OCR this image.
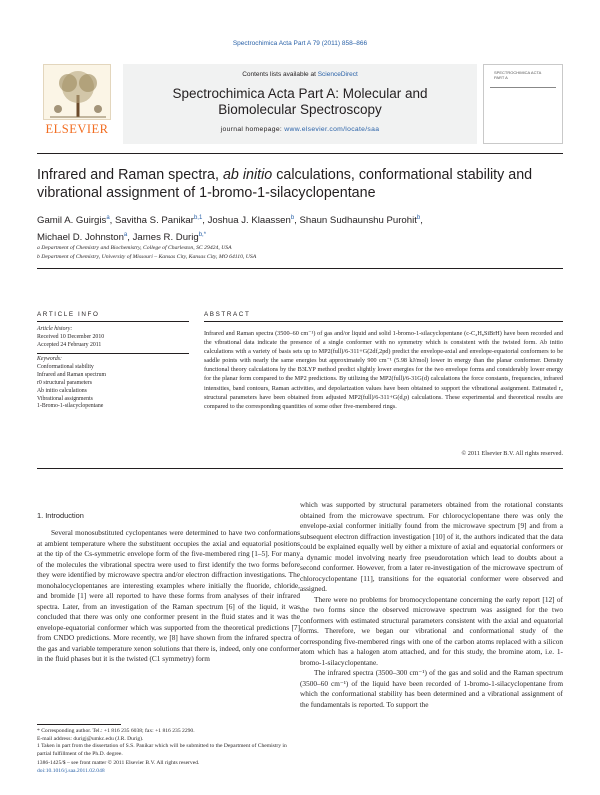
Spectrochimica Acta Part A 79 (2011) 858–866
ELSEVIER
Contents lists available at ScienceDirect
Spectrochimica Acta Part A: Molecular and
Biomolecular Spectroscopy
journal homepage: www.elsevier.com/locate/saa
SPECTROCHIMICA ACTA PART A
Infrared and Raman spectra, ab initio calculations, conformational stability and vibrational assignment of 1-bromo-1-silacyclopentane
Gamil A. Guirgis$^a$, Savitha S. Panikar$^{b,1}$, Joshua J. Klaassen$^b$, Shaun Sudhaunshu Purohit$^b$,
Michael D. Johnston$^a$, James R. Durig$^{b,*}$
a Department of Chemistry and Biochemistry, College of Charleston, SC 29424, USA
b Department of Chemistry, University of Missouri – Kansas City, Kansas City, MO 64110, USA
ARTICLE INFO	ABSTRACT
Article history:
Received 10 December 2010
Accepted 24 February 2011
Keywords:
Conformational stability
Infrared and Raman spectrum
r0 structural parameters
Ab initio calculations
Vibrational assignments
1-Bromo-1-silacyclopentane
Infrared and Raman spectra (3500–60 cm⁻¹) of gas and/or liquid and solid 1-bromo-1-silacyclopentane (c-C₄H₈SiBrH) have been recorded and the vibrational data indicate the presence of a single conformer with no symmetry which is consistent with the twisted form. Ab initio calculations with a variety of basis sets up to MP2(full)/6-311+G(2df,2pd) predict the envelope-axial and envelope-equatorial conformers to be saddle points with nearly the same energies but approximately 900 cm⁻¹ (5.98 kJ/mol) lower in energy than the planar conformer. Density functional theory calculations by the B3LYP method predict slightly lower energies for the two envelope forms and considerably lower energy for the planar form compared to the MP2 predictions. By utilizing the MP2(full)/6-31G(d) calculations the force constants, frequencies, infrared intensities, band contours, Raman activities, and depolarization values have been obtained to support the vibrational assignment. Estimated r₀ structural parameters have been obtained from adjusted MP2(full)/6-311+G(d,p) calculations. These experimental and theoretical results are compared to the corresponding quantities of some other five-membered rings.
© 2011 Elsevier B.V. All rights reserved.
1. Introduction

Several monosubstituted cyclopentanes were determined to have two conformations at ambient temperature where the substituent occupies the axial and equatorial positions at the tip of the Cs-symmetric envelope form of the five-membered ring [1–5]. For many of the molecules the vibrational spectra were used to first identify the two forms before they were identified by microwave spectra and/or electron diffraction investigations. The monohalocyclopentanes are interesting examples where initially the fluoride, chloride, and bromide [1] were all reported to have these forms from analyses of their infrared spectra. Later, from an investigation of the Raman spectrum [6] of the liquid, it was concluded that there was only one conformer present in the fluid states and it was the envelope-equatorial conformer which was supported from the theoretical predictions [7] from CNDO predictions. More recently, we [8] have shown from the infrared spectra of the gas and variable temperature xenon solutions that there is, indeed, only one conformer in the fluid phases but it is the twisted (C1 symmetry) form

which was supported by structural parameters obtained from the rotational constants obtained from the microwave spectrum. For chlorocyclopentane there was only the envelope-axial conformer initially found from the microwave spectrum [9] and from a subsequent electron diffraction investigation [10] of it, the authors indicated that the data could be explained equally well by either a mixture of axial and equatorial conformers or a dynamic model involving nearly free pseudorotation which lead to doubts about a second conformer. However, from a later re-investigation of the microwave spectrum of chlorocyclopentane [11], transitions for the equatorial conformer were observed and assigned.

There were no problems for bromocyclopentane concerning the early report [12] of the two forms since the observed microwave spectrum was assigned for the two conformers with estimated structural parameters consistent with the axial and equatorial forms. Therefore, we began our vibrational and conformational study of the corresponding five-membered rings with one of the carbon atoms replaced with a silicon atom which has a halogen atom attached, and for this study, the bromine atom, i.e. 1-bromo-1-silacyclopentane.

The infrared spectra (3500–300 cm⁻¹) of the gas and solid and the Raman spectrum (3500–60 cm⁻¹) of the liquid have been recorded of 1-bromo-1-silacyclopentane from which the conformational stability has been determined and a vibrational assignment of the fundamentals is reported. To support the

* Corresponding author. Tel.: +1 816 235 6038; fax: +1 816 235 2290.
E-mail address: durigj@umkc.edu (J.R. Durig).
1 Taken in part from the dissertation of S.S. Panikar which will be submitted to the Department of Chemistry in partial fulfillment of the Ph.D. degree.
1386-1425/$ – see front matter © 2011 Elsevier B.V. All rights reserved.
doi:10.1016/j.saa.2011.02.048
